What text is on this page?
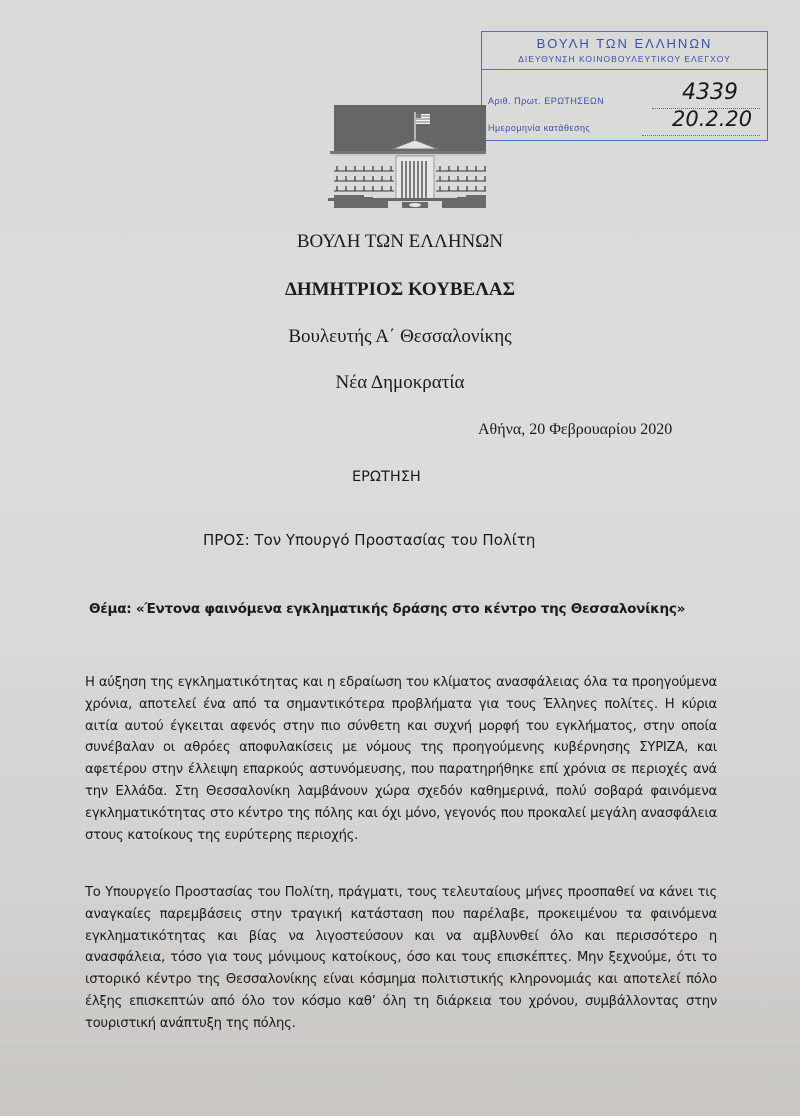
ΒΟΥΛΗ ΤΩΝ ΕΛΛΗΝΩΝ
ΔΙΕΥΘΥΝΣΗ ΚΟΙΝΟΒΟΥΛΕΥΤΙΚΟΥ ΕΛΕΓΧΟΥ
Αριθ. Πρωτ. ΕΡΩΤΗΣΕΩΝ	4339
Ημερομηνία κατάθεσης	20.2.20
ΒΟΥΛΗ ΤΩΝ ΕΛΛΗΝΩΝ
ΔΗΜΗΤΡΙΟΣ ΚΟΥΒΕΛΑΣ
Βουλευτής Α΄ Θεσσαλονίκης
Νέα Δημοκρατία
Αθήνα, 20 Φεβρουαρίου 2020
ΕΡΩΤΗΣΗ
ΠΡΟΣ: Τον Υπουργό Προστασίας του Πολίτη
Θέμα: «Έντονα φαινόμενα εγκληματικής δράσης στο κέντρο της Θεσσαλονίκης»
Η αύξηση της εγκληματικότητας και η εδραίωση του κλίματος ανασφάλειας όλα τα προηγούμενα χρόνια, αποτελεί ένα από τα σημαντικότερα προβλήματα για τους Έλληνες πολίτες. Η κύρια αιτία αυτού έγκειται αφενός στην πιο σύνθετη και συχνή μορφή του εγκλήματος, στην οποία συνέβαλαν οι αθρόες αποφυλακίσεις με νόμους της προηγούμενης κυβέρνησης ΣΥΡΙΖΑ, και αφετέρου στην έλλειψη επαρκούς αστυνόμευσης, που παρατηρήθηκε επί χρόνια σε περιοχές ανά την Ελλάδα. Στη Θεσσαλονίκη λαμβάνουν χώρα σχεδόν καθημερινά, πολύ σοβαρά φαινόμενα εγκληματικότητας στο κέντρο της πόλης και όχι μόνο, γεγονός που προκαλεί μεγάλη ανασφάλεια στους κατοίκους της ευρύτερης περιοχής.
Το Υπουργείο Προστασίας του Πολίτη, πράγματι, τους τελευταίους μήνες προσπαθεί να κάνει τις αναγκαίες παρεμβάσεις στην τραγική κατάσταση που παρέλαβε, προκειμένου τα φαινόμενα εγκληματικότητας και βίας να λιγοστεύσουν και να αμβλυνθεί όλο και περισσότερο η ανασφάλεια, τόσο για τους μόνιμους κατοίκους, όσο και τους επισκέπτες. Μην ξεχνούμε, ότι το ιστορικό κέντρο της Θεσσαλονίκης είναι κόσμημα πολιτιστικής κληρονομιάς και αποτελεί πόλο έλξης επισκεπτών από όλο τον κόσμο καθ’ όλη τη διάρκεια του χρόνου, συμβάλλοντας στην τουριστική ανάπτυξη της πόλης.
